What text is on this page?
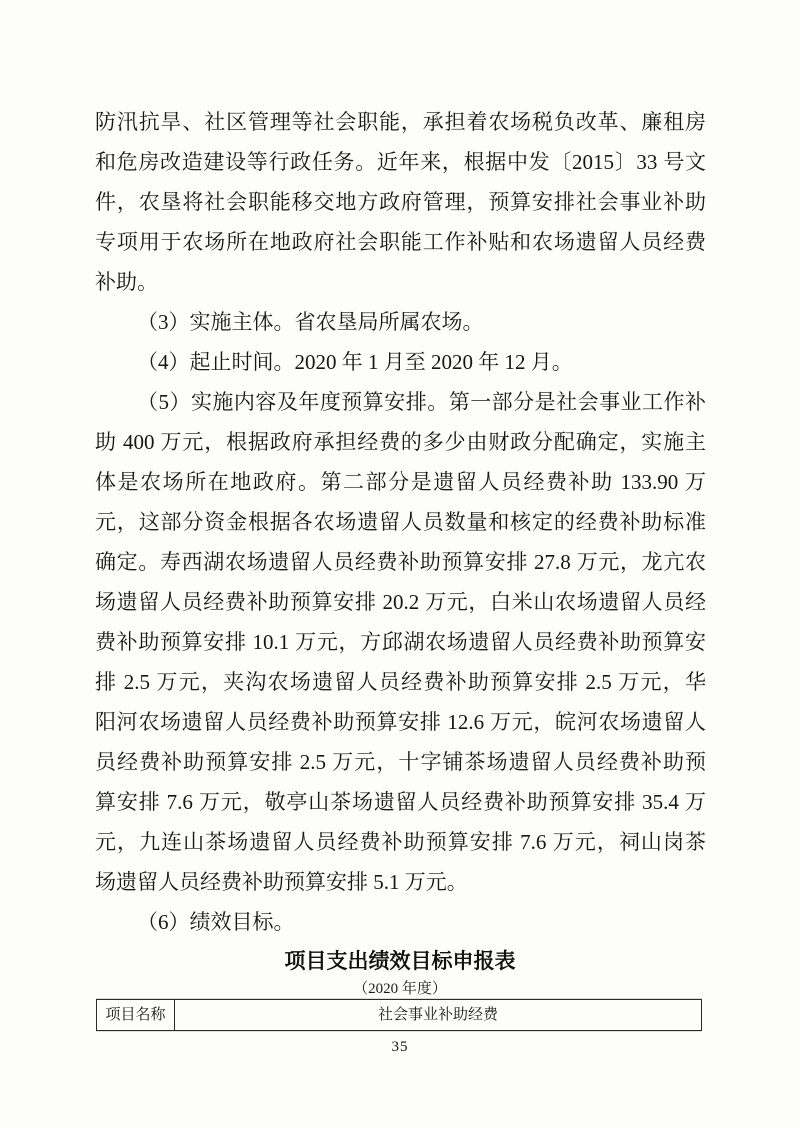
防汛抗旱、社区管理等社会职能，承担着农场税负改革、廉租房
和危房改造建设等行政任务。近年来，根据中发〔2015〕33 号文
件，农垦将社会职能移交地方政府管理，预算安排社会事业补助
专项用于农场所在地政府社会职能工作补贴和农场遗留人员经费
补助。
（3）实施主体。省农垦局所属农场。
（4）起止时间。2020 年 1 月至 2020 年 12 月。
（5）实施内容及年度预算安排。第一部分是社会事业工作补
助 400 万元，根据政府承担经费的多少由财政分配确定，实施主
体是农场所在地政府。第二部分是遗留人员经费补助 133.90 万
元，这部分资金根据各农场遗留人员数量和核定的经费补助标准
确定。寿西湖农场遗留人员经费补助预算安排 27.8 万元，龙亢农
场遗留人员经费补助预算安排 20.2 万元，白米山农场遗留人员经
费补助预算安排 10.1 万元，方邱湖农场遗留人员经费补助预算安
排 2.5 万元，夹沟农场遗留人员经费补助预算安排 2.5 万元，华
阳河农场遗留人员经费补助预算安排 12.6 万元，皖河农场遗留人
员经费补助预算安排 2.5 万元，十字铺茶场遗留人员经费补助预
算安排 7.6 万元，敬亭山茶场遗留人员经费补助预算安排 35.4 万
元，九连山茶场遗留人员经费补助预算安排 7.6 万元，祠山岗茶
场遗留人员经费补助预算安排 5.1 万元。
（6）绩效目标。
项目支出绩效目标申报表
（2020 年度）
项目名称	社会事业补助经费
35
